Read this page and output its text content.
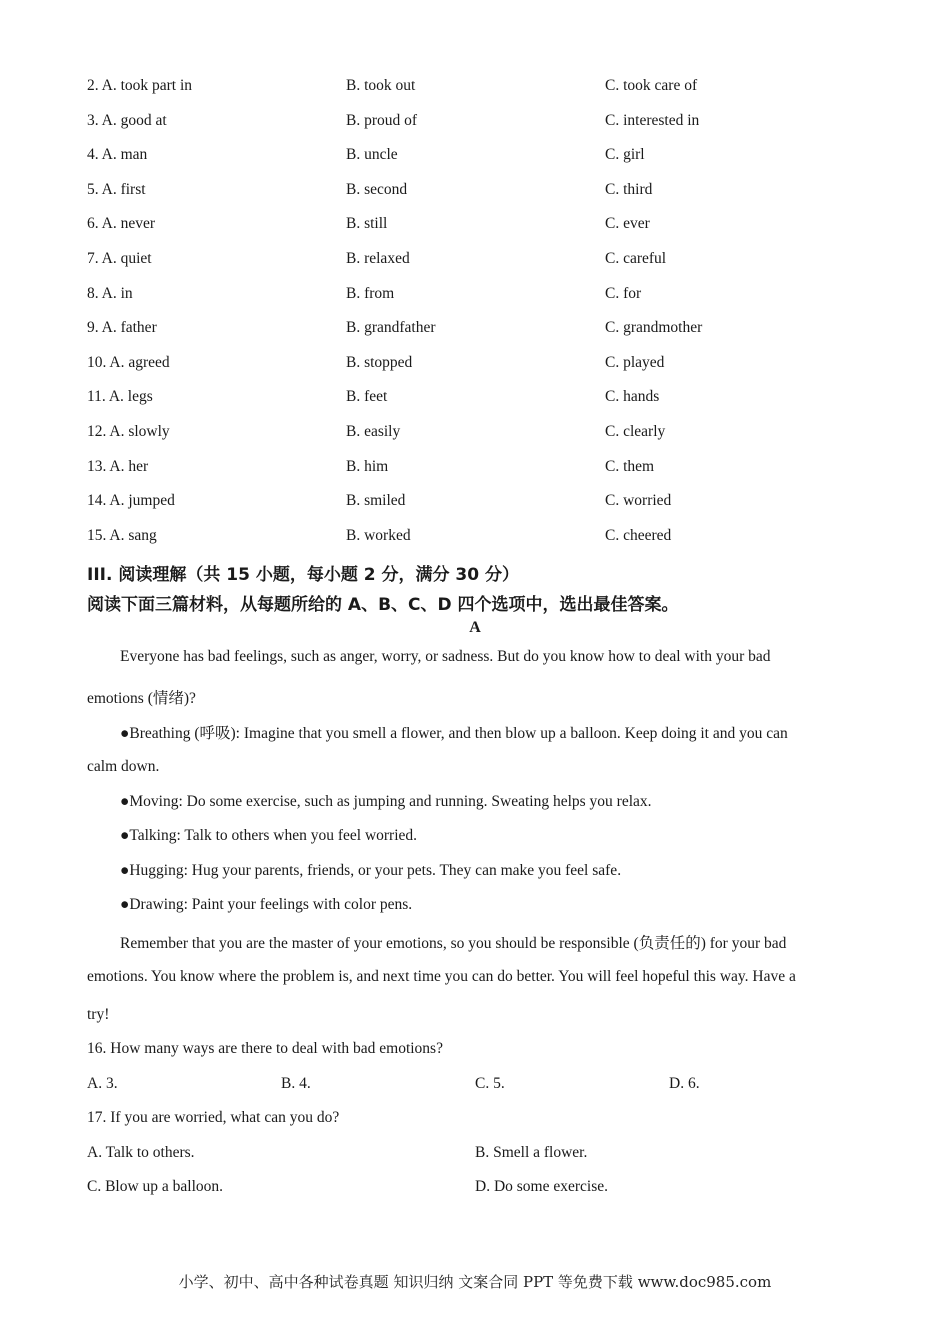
2. A. took part in	B. took out	C. took care of
3. A. good at	B. proud of	C. interested in
4. A. man	B. uncle	C. girl
5. A. first	B. second	C. third
6. A. never	B. still	C. ever
7. A. quiet	B. relaxed	C. careful
8. A. in	B. from	C. for
9. A. father	B. grandfather	C. grandmother
10. A. agreed	B. stopped	C. played
11. A. legs	B. feet	C. hands
12. A. slowly	B. easily	C. clearly
13. A. her	B. him	C. them
14. A. jumped	B. smiled	C. worried
15. A. sang	B. worked	C. cheered
III. 阅读理解（共 15 小题，每小题 2 分，满分 30 分）
阅读下面三篇材料，从每题所给的 A、B、C、D 四个选项中，选出最佳答案。
A
Everyone has bad feelings, such as anger, worry, or sadness. But do you know how to deal with your bad
emotions (情绪)?
●Breathing (呼吸): Imagine that you smell a flower, and then blow up a balloon. Keep doing it and you can
calm down.
●Moving: Do some exercise, such as jumping and running. Sweating helps you relax.
●Talking: Talk to others when you feel worried.
●Hugging: Hug your parents, friends, or your pets. They can make you feel safe.
●Drawing: Paint your feelings with color pens.
Remember that you are the master of your emotions, so you should be responsible (负责任的) for your bad
emotions. You know where the problem is, and next time you can do better. You will feel hopeful this way. Have a
try!
16. How many ways are there to deal with bad emotions?
A. 3.	B. 4.	C. 5.	D. 6.
17. If you are worried, what can you do?
A. Talk to others.	B. Smell a flower.
C. Blow up a balloon.	D. Do some exercise.
小学、初中、高中各种试卷真题 知识归纳 文案合同 PPT 等免费下载 www.doc985.com
